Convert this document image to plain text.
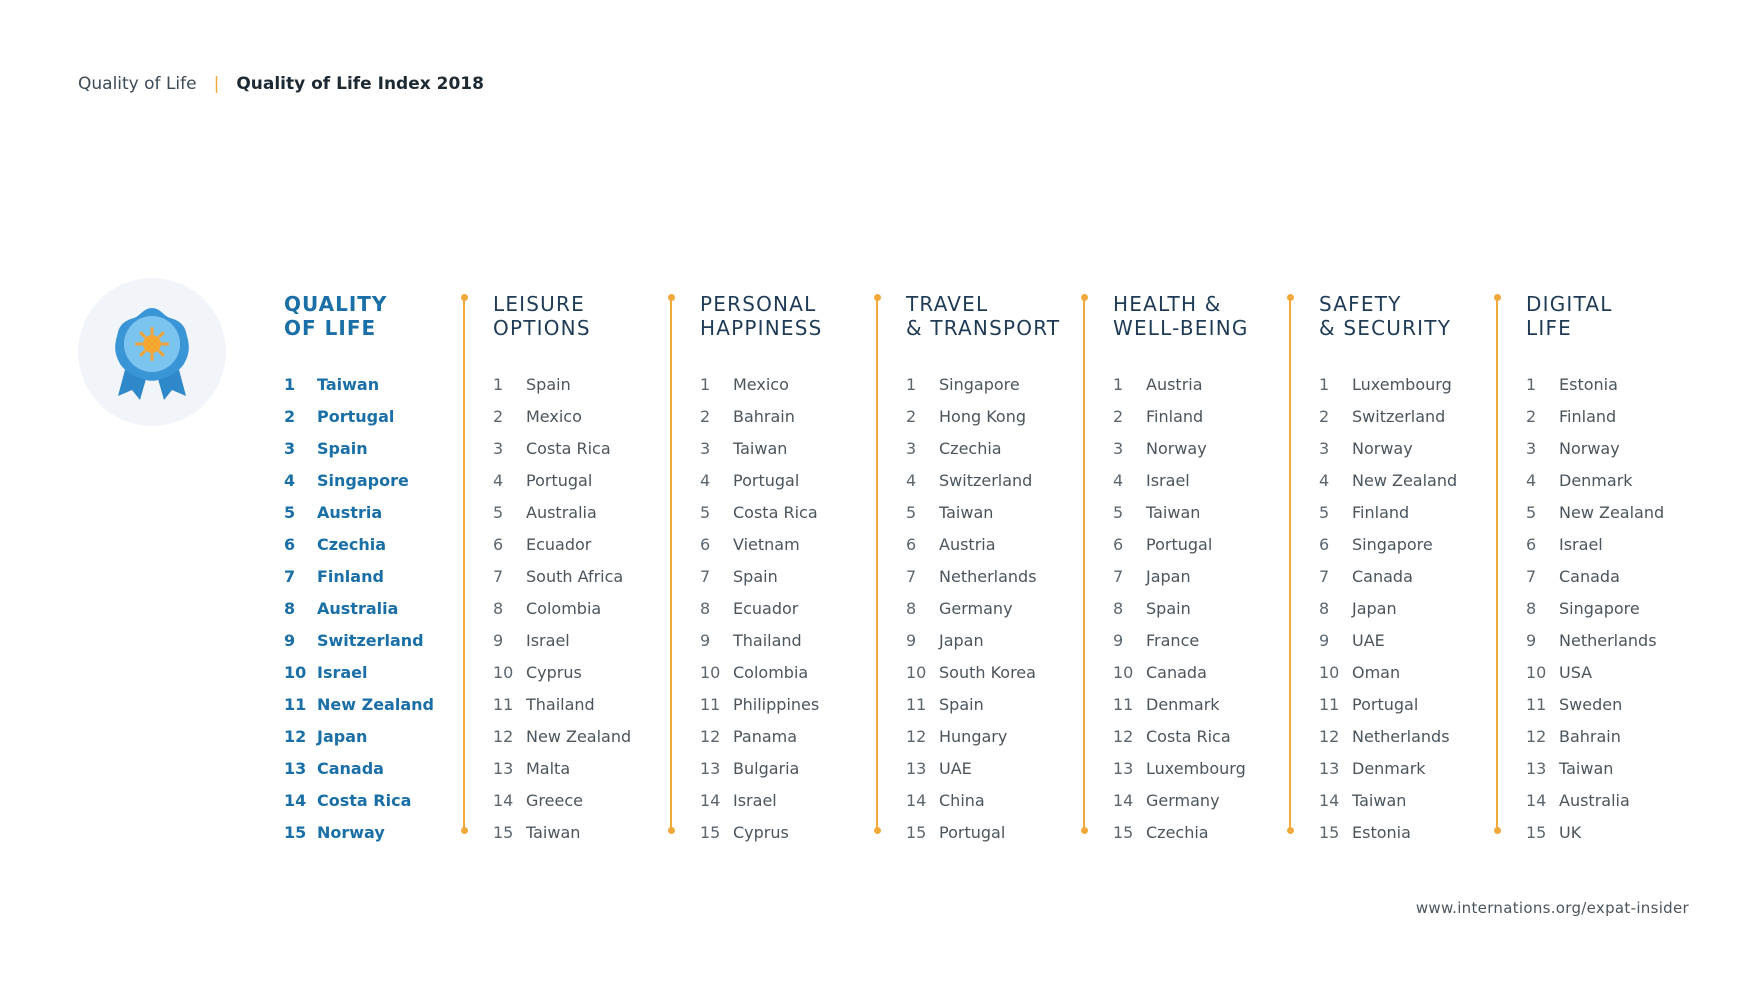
Quality of Life | Quality of Life Index 2018
QUALITY
OF LIFE
1	Taiwan
2	Portugal
3	Spain
4	Singapore
5	Austria
6	Czechia
7	Finland
8	Australia
9	Switzerland
10 Israel
11 New Zealand
12 Japan
13 Canada
14 Costa Rica
15 Norway
LEISURE
OPTIONS
1	Spain
2	Mexico
3	Costa Rica
4	Portugal
5	Australia
6	Ecuador
7	South Africa
8	Colombia
9	Israel
10 Cyprus
11 Thailand
12 New Zealand
13 Malta
14 Greece
15 Taiwan
PERSONAL
HAPPINESS
1	Mexico
2	Bahrain
3	Taiwan
4	Portugal
5	Costa Rica
6	Vietnam
7	Spain
8	Ecuador
9	Thailand
10 Colombia
11 Philippines
12 Panama
13 Bulgaria
14 Israel
15 Cyprus
TRAVEL
& TRANSPORT
1	Singapore
2	Hong Kong
3	Czechia
4	Switzerland
5	Taiwan
6	Austria
7	Netherlands
8	Germany
9	Japan
10 South Korea
11 Spain
12 Hungary
13 UAE
14 China
15 Portugal
HEALTH &
WELL-BEING
1	Austria
2	Finland
3	Norway
4	Israel
5	Taiwan
6	Portugal
7	Japan
8	Spain
9	France
10 Canada
11 Denmark
12 Costa Rica
13 Luxembourg
14 Germany
15 Czechia
SAFETY
& SECURITY
1	Luxembourg
2	Switzerland
3	Norway
4	New Zealand
5	Finland
6	Singapore
7	Canada
8	Japan
9	UAE
10 Oman
11 Portugal
12 Netherlands
13 Denmark
14 Taiwan
15 Estonia
DIGITAL
LIFE
1	Estonia
2	Finland
3	Norway
4	Denmark
5	New Zealand
6	Israel
7	Canada
8	Singapore
9	Netherlands
10 USA
11 Sweden
12 Bahrain
13 Taiwan
14 Australia
15 UK
www.internations.org/expat-insider
